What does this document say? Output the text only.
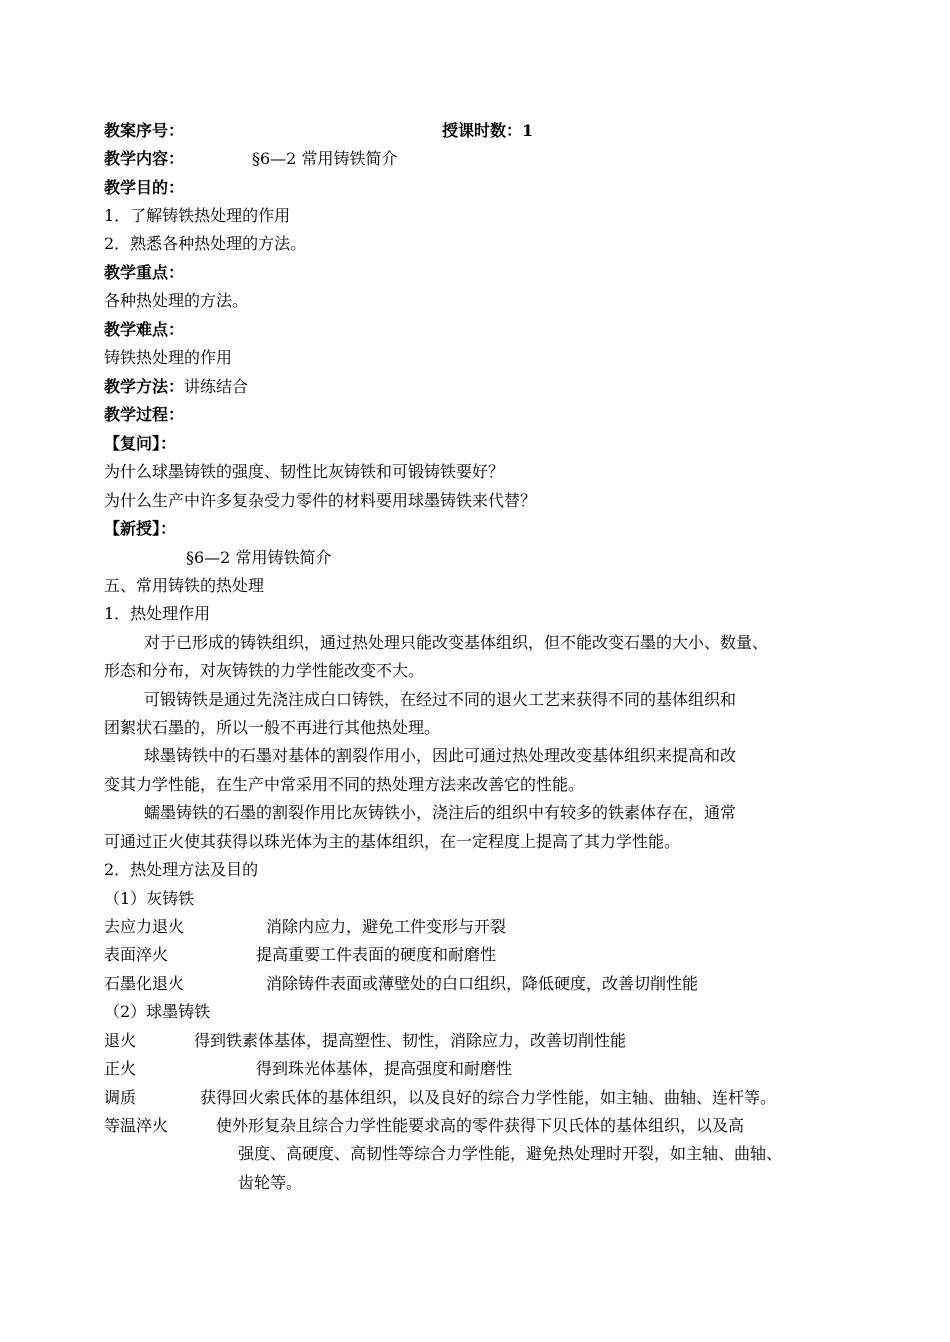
教案序号：	授课时数：1
教学内容：	§6—2 常用铸铁简介
教学目的：
1．了解铸铁热处理的作用
2．熟悉各种热处理的方法。
教学重点：
各种热处理的方法。
教学难点：
铸铁热处理的作用
教学方法：讲练结合
教学过程：
【复问】：
为什么球墨铸铁的强度、韧性比灰铸铁和可锻铸铁要好？
为什么生产中许多复杂受力零件的材料要用球墨铸铁来代替？
【新授】：
§6—2 常用铸铁简介
五、常用铸铁的热处理
1．热处理作用
对于已形成的铸铁组织，通过热处理只能改变基体组织，但不能改变石墨的大小、数量、
形态和分布，对灰铸铁的力学性能改变不大。
可锻铸铁是通过先浇注成白口铸铁，在经过不同的退火工艺来获得不同的基体组织和
团絮状石墨的，所以一般不再进行其他热处理。
球墨铸铁中的石墨对基体的割裂作用小，因此可通过热处理改变基体组织来提高和改
变其力学性能，在生产中常采用不同的热处理方法来改善它的性能。
蠕墨铸铁的石墨的割裂作用比灰铸铁小，浇注后的组织中有较多的铁素体存在，通常
可通过正火使其获得以珠光体为主的基体组织，在一定程度上提高了其力学性能。
2．热处理方法及目的
（1）灰铸铁
去应力退火	消除内应力，避免工件变形与开裂
表面淬火	提高重要工件表面的硬度和耐磨性
石墨化退火	消除铸件表面或薄壁处的白口组织，降低硬度，改善切削性能
（2）球墨铸铁
退火	得到铁素体基体，提高塑性、韧性，消除应力，改善切削性能
正火	得到珠光体基体，提高强度和耐磨性
调质	获得回火索氏体的基体组织，以及良好的综合力学性能，如主轴、曲轴、连杆等。
等温淬火	使外形复杂且综合力学性能要求高的零件获得下贝氏体的基体组织，以及高
强度、高硬度、高韧性等综合力学性能，避免热处理时开裂，如主轴、曲轴、
齿轮等。
